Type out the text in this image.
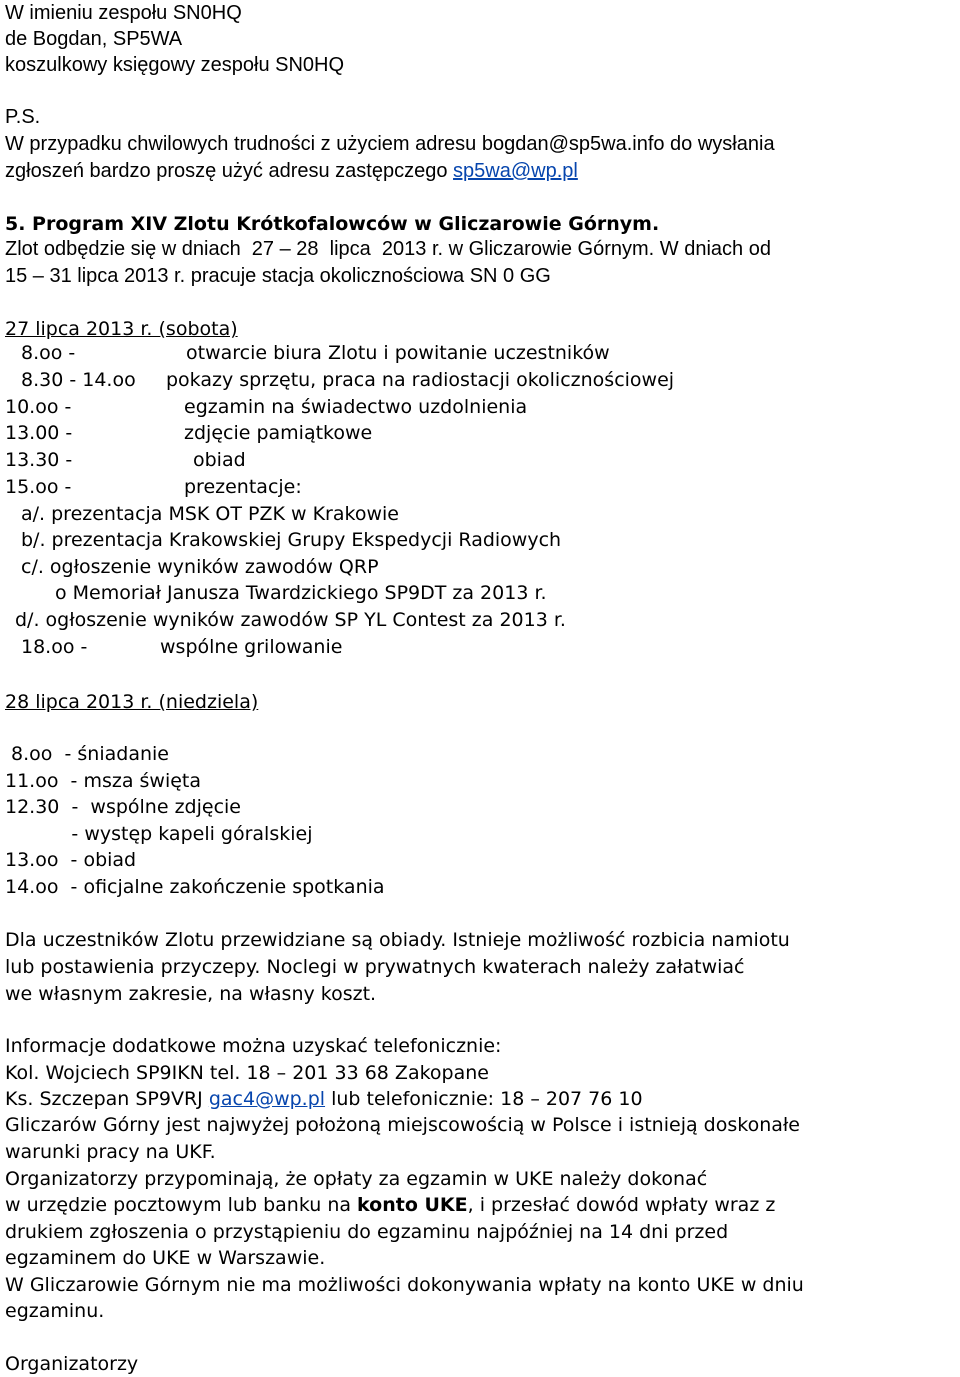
W imieniu zespołu SN0HQ
de Bogdan, SP5WA
koszulkowy księgowy zespołu SN0HQ
P.S.
W przypadku chwilowych trudności z użyciem adresu bogdan@sp5wa.info do wysłania
zgłoszeń bardzo proszę użyć adresu zastępczego sp5wa@wp.pl
5. Program XIV Zlotu Krótkofalowców w Gliczarowie Górnym.
Zlot odbędzie się w dniach  27 – 28  lipca  2013 r. w Gliczarowie Górnym. W dniach od
15 – 31 lipca 2013 r. pracuje stacja okolicznościowa SN 0 GG
27 lipca 2013 r. (sobota)
8.oo -	otwarcie biura Zlotu i powitanie uczestników
8.30 - 14.oo pokazy sprzętu, praca na radiostacji okolicznościowej
10.oo -	egzamin na świadectwo uzdolnienia
13.00 -	zdjęcie pamiątkowe
13.30 -	obiad
15.oo -	prezentacje:
a/. prezentacja MSK OT PZK w Krakowie
b/. prezentacja Krakowskiej Grupy Ekspedycji Radiowych
c/. ogłoszenie wyników zawodów QRP
o Memoriał Janusza Twardzickiego SP9DT za 2013 r.
d/. ogłoszenie wyników zawodów SP YL Contest za 2013 r.
18.oo -	wspólne grilowanie
28 lipca 2013 r. (niedziela)
8.oo  - śniadanie
11.oo  - msza święta
12.30  -  wspólne zdjęcie
- występ kapeli góralskiej
13.oo  - obiad
14.oo  - oficjalne zakończenie spotkania
Dla uczestników Zlotu przewidziane są obiady. Istnieje możliwość rozbicia namiotu
lub postawienia przyczepy. Noclegi w prywatnych kwaterach należy załatwiać
we własnym zakresie, na własny koszt.
Informacje dodatkowe można uzyskać telefonicznie:
Kol. Wojciech SP9IKN tel. 18 – 201 33 68 Zakopane
Ks. Szczepan SP9VRJ gac4@wp.pl lub telefonicznie: 18 – 207 76 10
Gliczarów Górny jest najwyżej położoną miejscowością w Polsce i istnieją doskonałe
warunki pracy na UKF.
Organizatorzy przypominają, że opłaty za egzamin w UKE należy dokonać
w urzędzie pocztowym lub banku na konto UKE, i przesłać dowód wpłaty wraz z
drukiem zgłoszenia o przystąpieniu do egzaminu najpóźniej na 14 dni przed
egzaminem do UKE w Warszawie.
W Gliczarowie Górnym nie ma możliwości dokonywania wpłaty na konto UKE w dniu
egzaminu.
Organizatorzy
